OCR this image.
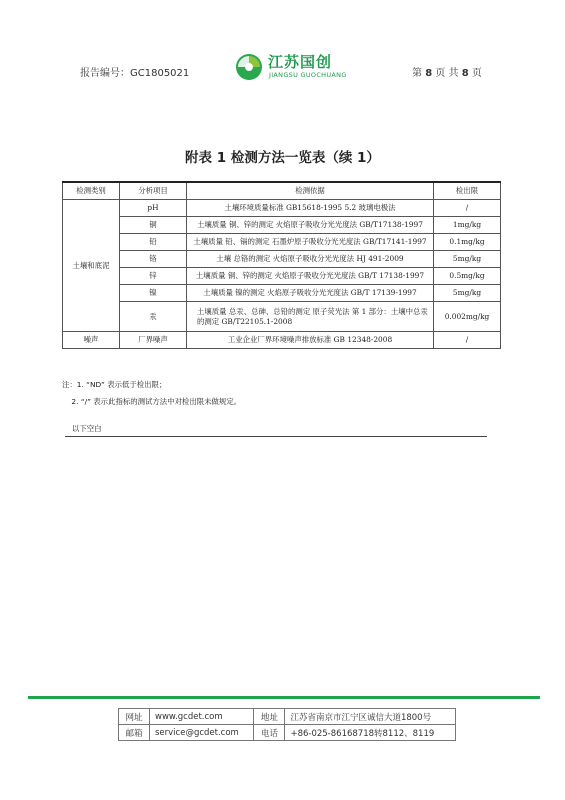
报告编号：GC1805021
江苏国创
JIANGSU GUOCHUANG	第 8 页 共 8 页
附表 1 检测方法一览表（续 1）
检测类别	分析项目	检测依据	检出限
土壤和底泥	pH	土壤环境质量标准 GB15618-1995 5.2 玻璃电极法	/
	铜	土壤质量 铜、锌的测定 火焰原子吸收分光光度法 GB/T17138-1997	1mg/kg
	铅	土壤质量 铅、镉的测定 石墨炉原子吸收分光光度法 GB/T17141-1997	0.1mg/kg
	铬	土壤 总铬的测定 火焰原子吸收分光光度法 HJ 491-2009	5mg/kg
	锌	土壤质量 铜、锌的测定 火焰原子吸收分光光度法 GB/T 17138-1997	0.5mg/kg
	镍	土壤质量 镍的测定 火焰原子吸收分光光度法 GB/T 17139-1997	5mg/kg
	汞	土壤质量 总汞、总砷、总铅的测定 原子荧光法 第 1 部分：土壤中总汞的测定 GB/T22105.1-2008	0.002mg/kg
噪声	厂界噪声	工业企业厂界环境噪声排放标准 GB 12348-2008	/
注：1. “ND” 表示低于检出限；
2. “/” 表示此指标的测试方法中对检出限未做规定。
以下空白
网址	www.gcdet.com	地址	江苏省南京市江宁区诚信大道1800号
邮箱	service@gcdet.com	电话	+86-025-86168718转8112、8119
